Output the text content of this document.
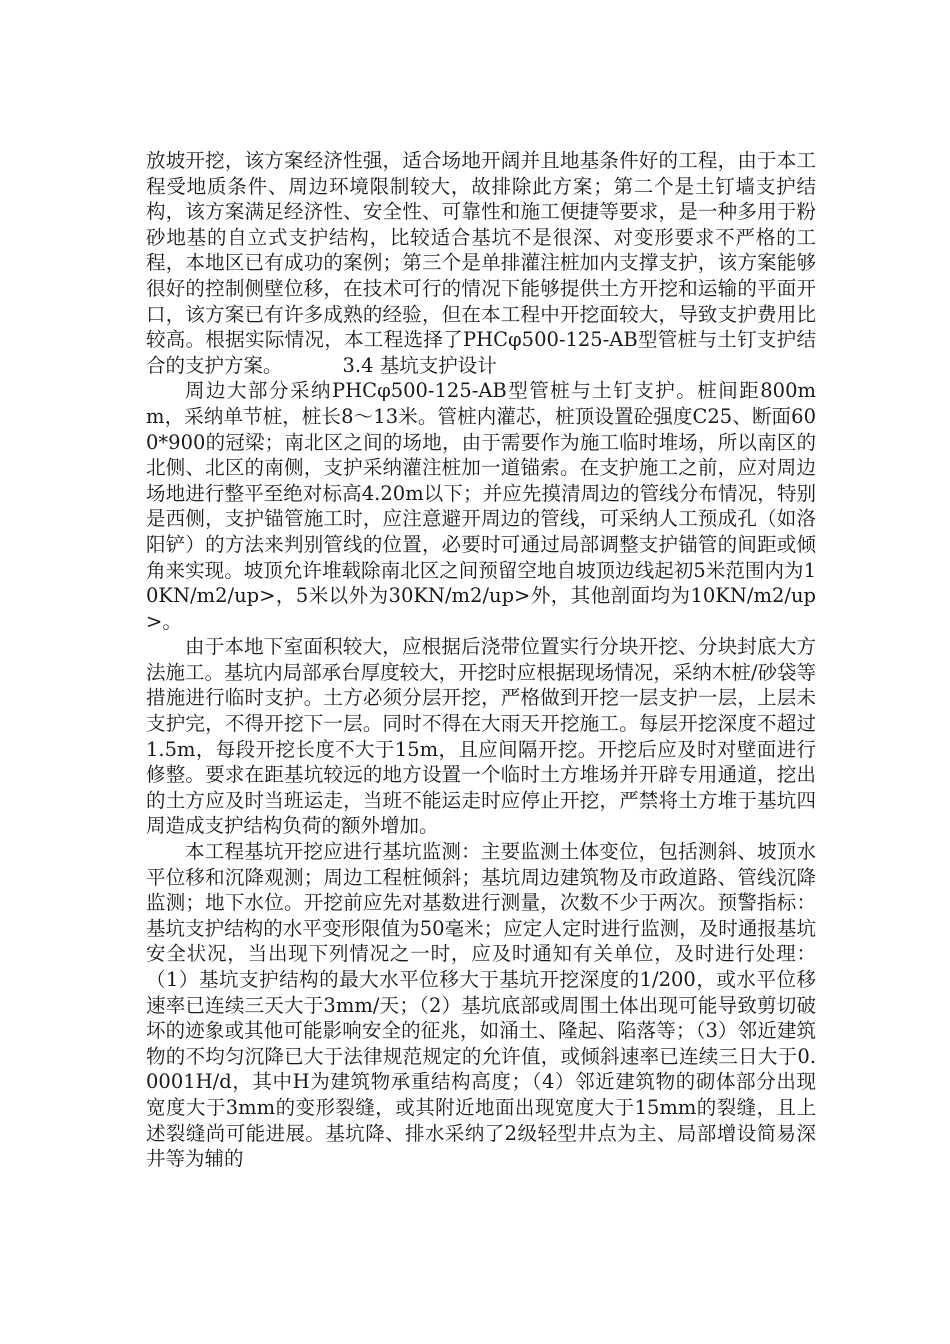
放坡开挖，该方案经济性强，适合场地开阔并且地基条件好的工程，由于本工程受地质条件、周边环境限制较大，故排除此方案；第二个是土钉墙支护结构，该方案满足经济性、安全性、可靠性和施工便捷等要求，是一种多用于粉砂地基的自立式支护结构，比较适合基坑不是很深、对变形要求不严格的工程，本地区已有成功的案例；第三个是单排灌注桩加内支撑支护，该方案能够很好的控制侧壁位移，在技术可行的情况下能够提供土方开挖和运输的平面开口，该方案已有许多成熟的经验，但在本工程中开挖面较大，导致支护费用比较高。根据实际情况，本工程选择了PHCφ500-125-AB型管桩与土钉支护结合的支护方案。	3.4 基坑支护设计

周边大部分采纳PHCφ500-125-AB型管桩与土钉支护。桩间距800mm，采纳单节桩，桩长8～13米。管桩内灌芯，桩顶设置砼强度C25、断面600*900的冠梁；南北区之间的场地，由于需要作为施工临时堆场，所以南区的北侧、北区的南侧，支护采纳灌注桩加一道锚索。在支护施工之前，应对周边场地进行整平至绝对标高4.20m以下；并应先摸清周边的管线分布情况，特别是西侧，支护锚管施工时，应注意避开周边的管线，可采纳人工预成孔（如洛阳铲）的方法来判别管线的位置，必要时可通过局部调整支护锚管的间距或倾角来实现。坡顶允许堆载除南北区之间预留空地自坡顶边线起初5米范围内为10KN/m2/up>，5米以外为30KN/m2/up>外，其他剖面均为10KN/m2/up>。

由于本地下室面积较大，应根据后浇带位置实行分块开挖、分块封底大方法施工。基坑内局部承台厚度较大，开挖时应根据现场情况，采纳木桩/砂袋等措施进行临时支护。土方必须分层开挖，严格做到开挖一层支护一层，上层未支护完，不得开挖下一层。同时不得在大雨天开挖施工。每层开挖深度不超过1.5m，每段开挖长度不大于15m，且应间隔开挖。开挖后应及时对壁面进行修整。要求在距基坑较远的地方设置一个临时土方堆场并开辟专用通道，挖出的土方应及时当班运走，当班不能运走时应停止开挖，严禁将土方堆于基坑四周造成支护结构负荷的额外增加。

本工程基坑开挖应进行基坑监测：主要监测土体变位，包括测斜、坡顶水平位移和沉降观测；周边工程桩倾斜；基坑周边建筑物及市政道路、管线沉降监测；地下水位。开挖前应先对基数进行测量，次数不少于两次。预警指标：基坑支护结构的水平变形限值为50毫米；应定人定时进行监测，及时通报基坑安全状况，当出现下列情况之一时，应及时通知有关单位，及时进行处理：（1）基坑支护结构的最大水平位移大于基坑开挖深度的1/200，或水平位移速率已连续三天大于3mm/天；（2）基坑底部或周围土体出现可能导致剪切破坏的迹象或其他可能影响安全的征兆，如涌土、隆起、陷落等；（3）邻近建筑物的不均匀沉降已大于法律规范规定的允许值，或倾斜速率已连续三日大于0.0001H/d，其中H为建筑物承重结构高度；（4）邻近建筑物的砌体部分出现宽度大于3mm的变形裂缝，或其附近地面出现宽度大于15mm的裂缝，且上述裂缝尚可能进展。基坑降、排水采纳了2级轻型井点为主、局部增设简易深井等为辅的
